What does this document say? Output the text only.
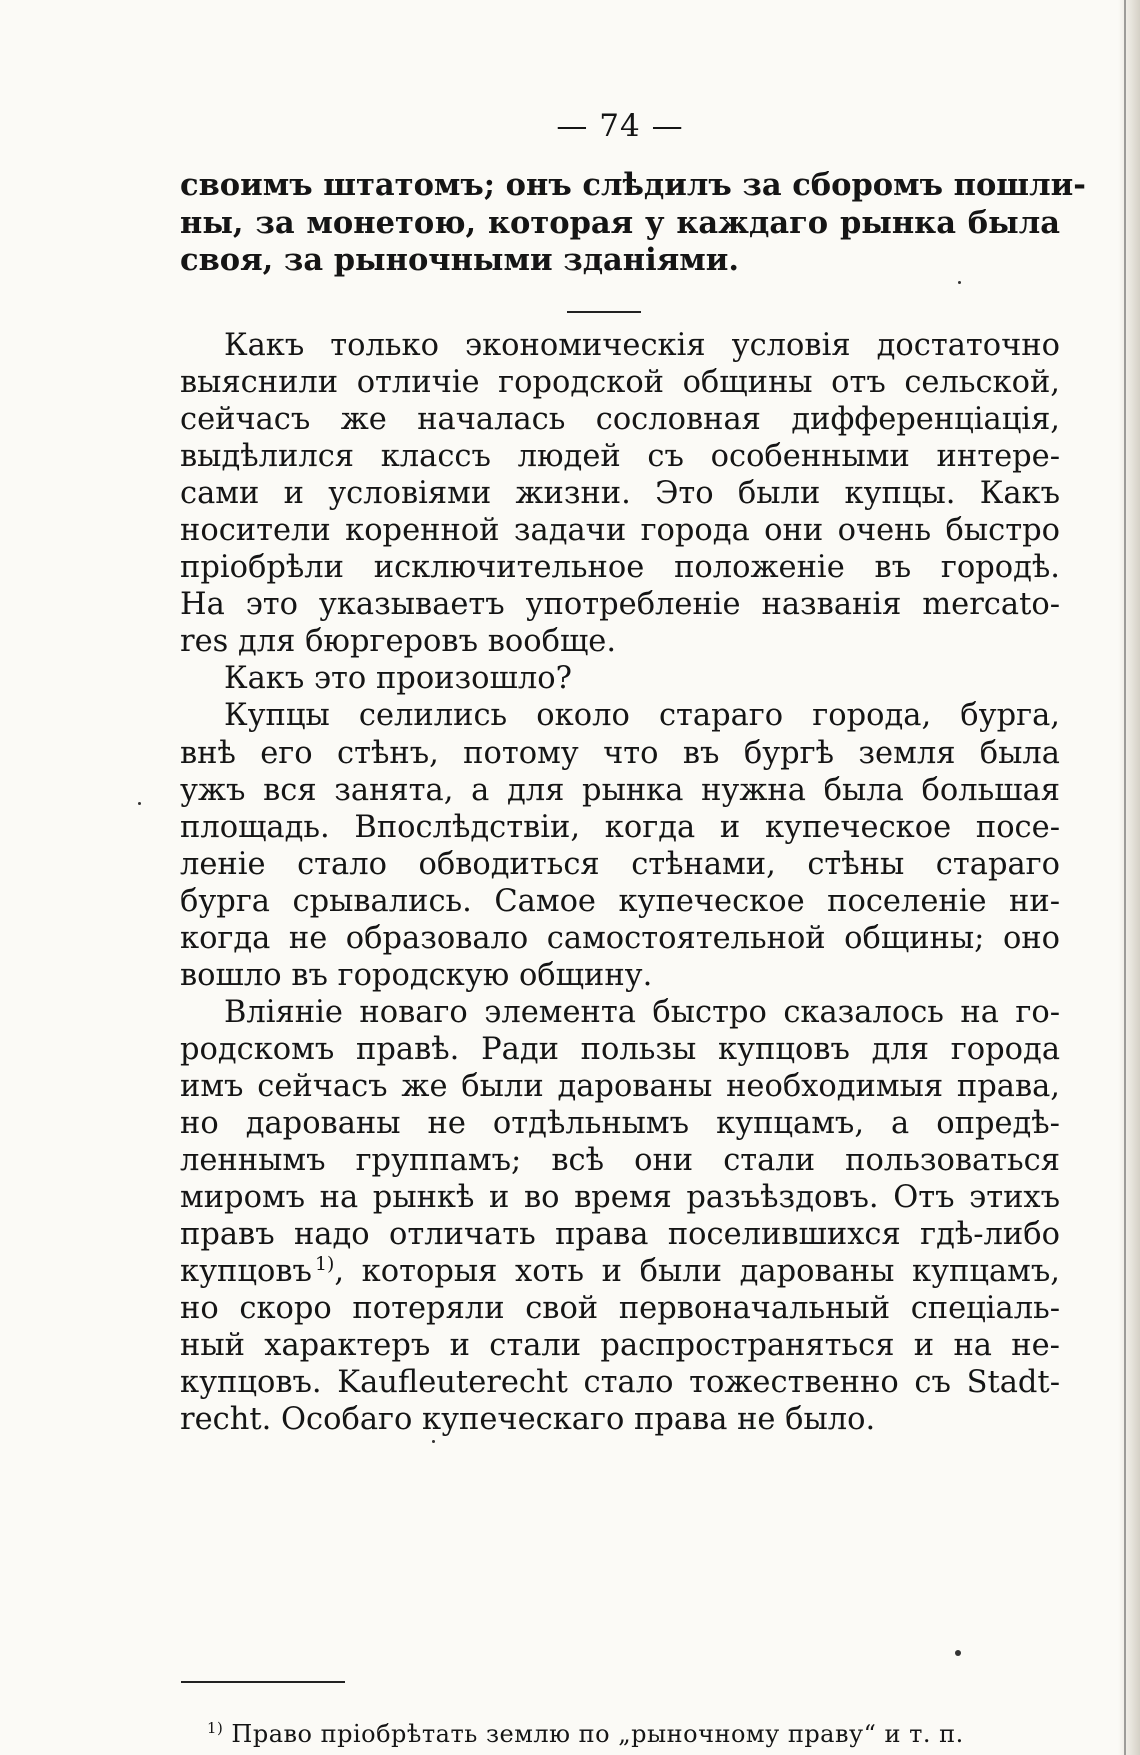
— 74 —
своимъ штатомъ; онъ слѣдилъ за сборомъ пошли-
ны, за монетою, которая у каждаго рынка была
своя, за рыночными зданіями.
Какъ только экономическія условія достаточно
выяснили отличіе городской общины отъ сельской,
сейчасъ же началась сословная дифференціація,
выдѣлился классъ людей съ особенными интере-
сами и условіями жизни. Это были купцы. Какъ
носители коренной задачи города они очень быстро
пріобрѣли исключительное положеніе въ городѣ.
На это указываетъ употребленіе названія mercato-
res для бюргеровъ вообще.
Какъ это произошло?
Купцы селились около стараго города, бурга,
внѣ его стѣнъ, потому что въ бургѣ земля была
ужъ вся занята, а для рынка нужна была большая
площадь. Впослѣдствіи, когда и купеческое посе-
леніе стало обводиться стѣнами, стѣны стараго
бурга срывались. Самое купеческое поселеніе ни-
когда не образовало самостоятельной общины; оно
вошло въ городскую общину.
Вліяніе новаго элемента быстро сказалось на го-
родскомъ правѣ. Ради пользы купцовъ для города
имъ сейчасъ же были дарованы необходимыя права,
но дарованы не отдѣльнымъ купцамъ, а опредѣ-
леннымъ группамъ; всѣ они стали пользоваться
миромъ на рынкѣ и во время разъѣздовъ. Отъ этихъ
правъ надо отличать права поселившихся гдѣ-либо
купцовъ  $^{1)}$, которыя хоть и были дарованы купцамъ,
но скоро потеряли свой первоначальный спеціаль-
ный характеръ и стали распространяться и на не-
купцовъ. Kaufleuterecht стало тожественно съ Stadt-
recht. Особаго купеческаго права не было.
$^{1)}$ Право пріобрѣтать землю по „рыночному праву“ и т. п.
